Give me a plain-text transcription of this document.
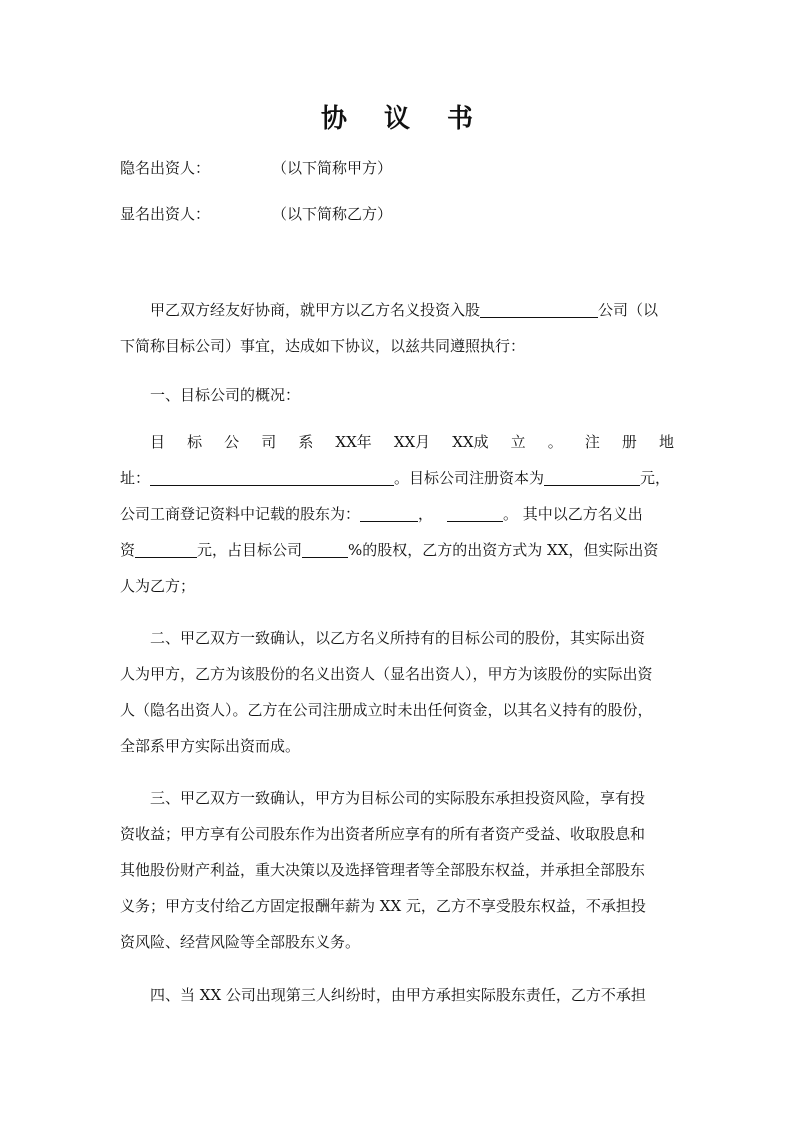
协 议 书
隐名出资人：	（以下简称甲方）
显名出资人：	（以下简称乙方）
甲乙双方经友好协商，就甲方以乙方名义投资入股	公司（以
下简称目标公司）事宜，达成如下协议，以兹共同遵照执行：
一、目标公司的概况：
目 标 公 司 系 XX年 XX月 XX成 立 。 注 册 地
址：	。目标公司注册资本为	元，
公司工商登记资料中记载的股东为：	，	。 其中以乙方名义出
资	元，占目标公司	%的股权，乙方的出资方式为 XX，但实际出资
人为乙方；
二、甲乙双方一致确认，以乙方名义所持有的目标公司的股份，其实际出资
人为甲方，乙方为该股份的名义出资人（显名出资人），甲方为该股份的实际出资
人（隐名出资人）。乙方在公司注册成立时未出任何资金，以其名义持有的股份，
全部系甲方实际出资而成。
三、甲乙双方一致确认，甲方为目标公司的实际股东承担投资风险，享有投
资收益；甲方享有公司股东作为出资者所应享有的所有者资产受益、收取股息和
其他股份财产利益，重大决策以及选择管理者等全部股东权益，并承担全部股东
义务；甲方支付给乙方固定报酬年薪为 XX 元，乙方不享受股东权益，不承担投
资风险、经营风险等全部股东义务。
四、当 XX 公司出现第三人纠纷时，由甲方承担实际股东责任，乙方不承担
